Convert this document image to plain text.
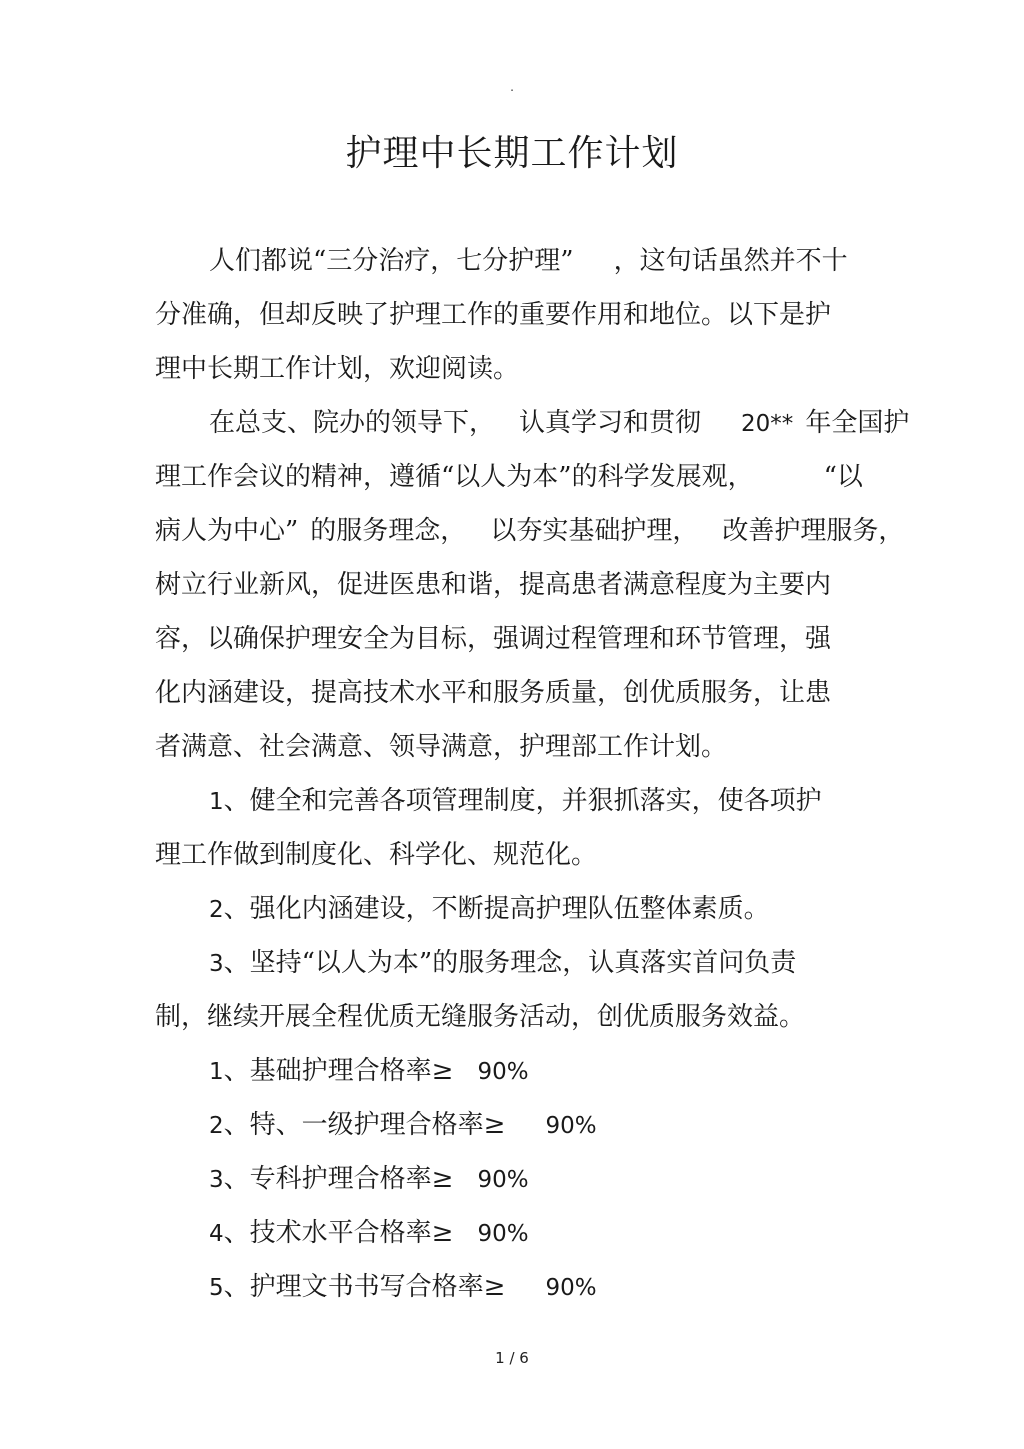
.
护理中长期工作计划
人们都说“三分治疗，七分护理” ，这句话虽然并不十
分准确，但却反映了护理工作的重要作用和地位。以下是护
理中长期工作计划，欢迎阅读。
在总支、院办的领导下， 认真学习和贯彻 20** 年全国护
理工作会议的精神，遵循“以人为本”的科学发展观，	“以
病人为中心” 的服务理念， 以夯实基础护理， 改善护理服务，
树立行业新风，促进医患和谐，提高患者满意程度为主要内
容，以确保护理安全为目标，强调过程管理和环节管理，强
化内涵建设，提高技术水平和服务质量，创优质服务，让患
者满意、社会满意、领导满意，护理部工作计划。
1、健全和完善各项管理制度，并狠抓落实，使各项护
理工作做到制度化、科学化、规范化。
2、强化内涵建设，不断提高护理队伍整体素质。
3、坚持“以人为本”的服务理念，认真落实首问负责
制，继续开展全程优质无缝服务活动，创优质服务效益。
1、基础护理合格率≥ 90%
2、特、一级护理合格率≥ 90%
3、专科护理合格率≥ 90%
4、技术水平合格率≥ 90%
5、护理文书书写合格率≥ 90%
1 / 6
